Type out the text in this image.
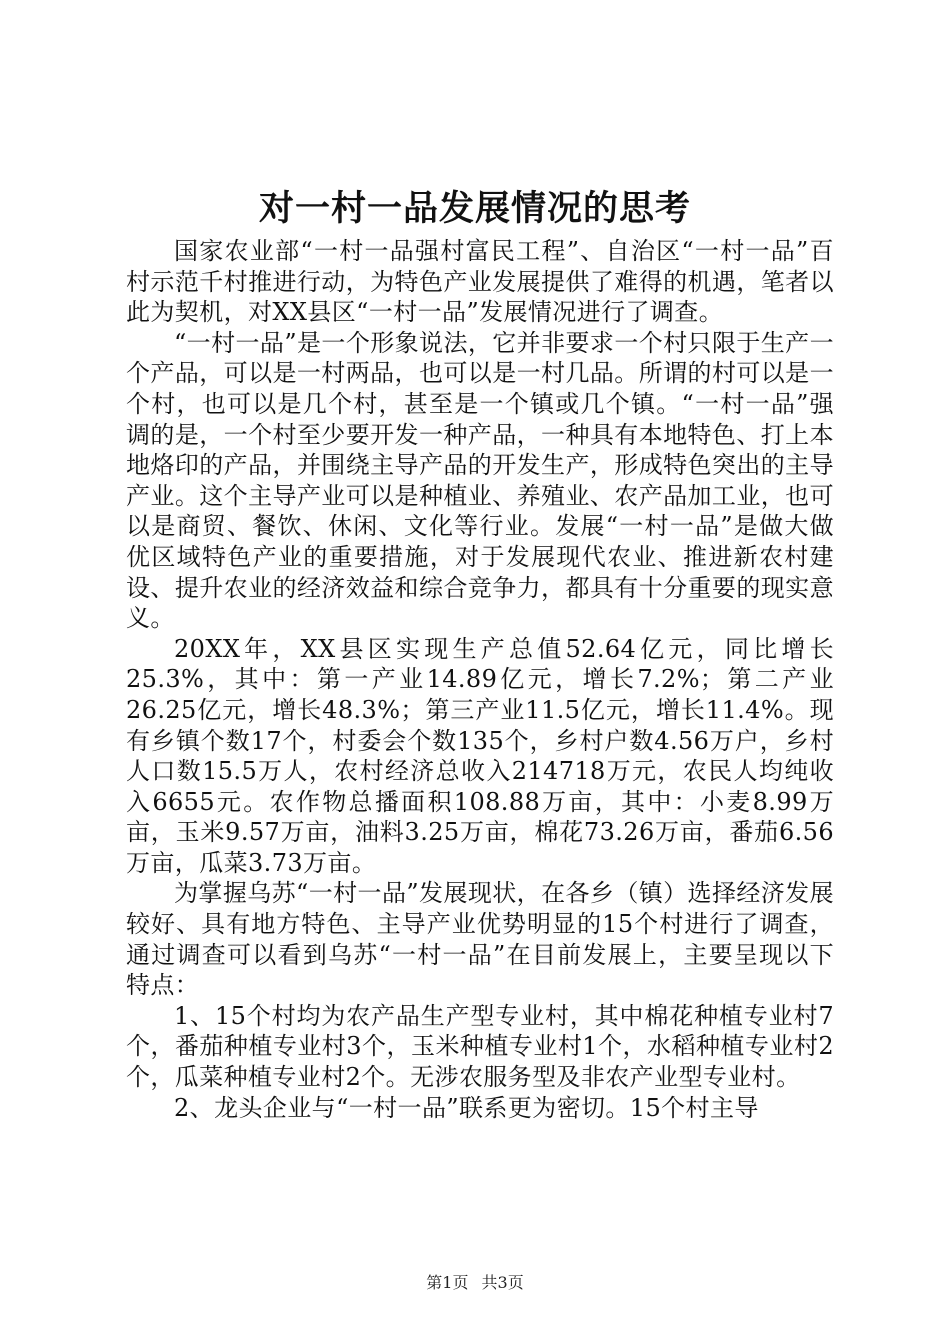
对一村一品发展情况的思考

国家农业部“一村一品强村富民工程”、自治区“一村一品”百村示范千村推进行动，为特色产业发展提供了难得的机遇，笔者以此为契机，对XX县区“一村一品”发展情况进行了调查。

“一村一品”是一个形象说法，它并非要求一个村只限于生产一个产品，可以是一村两品，也可以是一村几品。所谓的村可以是一个村，也可以是几个村，甚至是一个镇或几个镇。“一村一品”强调的是，一个村至少要开发一种产品，一种具有本地特色、打上本地烙印的产品，并围绕主导产品的开发生产，形成特色突出的主导产业。这个主导产业可以是种植业、养殖业、农产品加工业，也可以是商贸、餐饮、休闲、文化等行业。发展“一村一品”是做大做优区域特色产业的重要措施，对于发展现代农业、推进新农村建设、提升农业的经济效益和综合竞争力，都具有十分重要的现实意义。

20XX年，XX县区实现生产总值52.64亿元，同比增长25.3%，其中：第一产业14.89亿元，增长7.2%；第二产业26.25亿元，增长48.3%；第三产业11.5亿元，增长11.4%。现有乡镇个数17个，村委会个数135个，乡村户数4.56万户，乡村人口数15.5万人，农村经济总收入214718万元，农民人均纯收入6655元。农作物总播面积108.88万亩，其中：小麦8.99万亩，玉米9.57万亩，油料3.25万亩，棉花73.26万亩，番茄6.56万亩，瓜菜3.73万亩。

为掌握乌苏“一村一品”发展现状，在各乡（镇）选择经济发展较好、具有地方特色、主导产业优势明显的15个村进行了调查，通过调查可以看到乌苏“一村一品”在目前发展上，主要呈现以下特点：

1、15个村均为农产品生产型专业村，其中棉花种植专业村7个，番茄种植专业村3个，玉米种植专业村1个，水稻种植专业村2个，瓜菜种植专业村2个。无涉农服务型及非农产业型专业村。

2、龙头企业与“一村一品”联系更为密切。15个村主导

第1页 共3页
